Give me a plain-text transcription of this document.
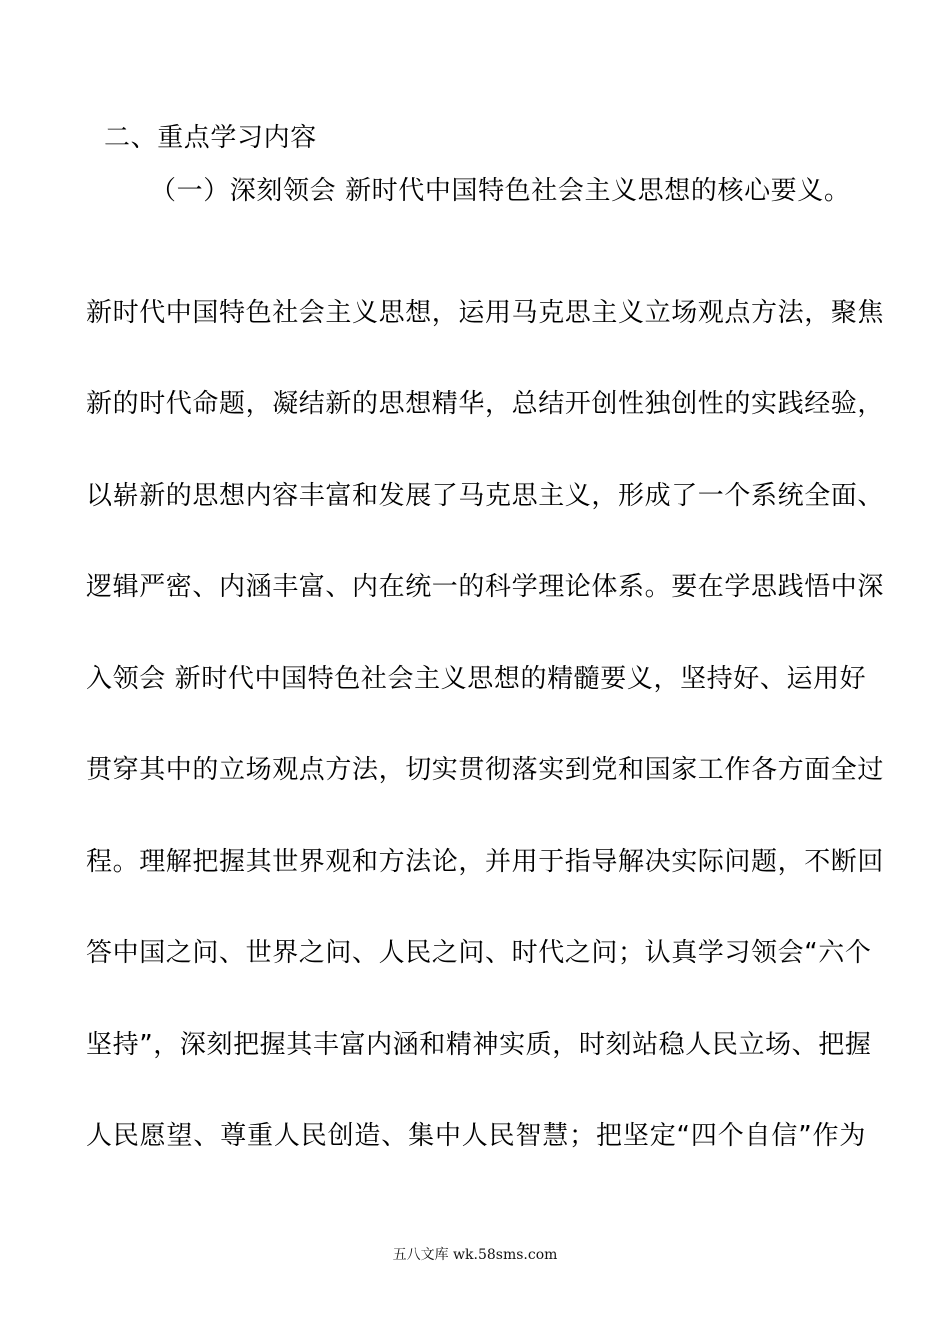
二、重点学习内容
（一）深刻领会 新时代中国特色社会主义思想的核心要义。
新时代中国特色社会主义思想，运用马克思主义立场观点方法，聚焦
新的时代命题，凝结新的思想精华，总结开创性独创性的实践经验，
以崭新的思想内容丰富和发展了马克思主义，形成了一个系统全面、
逻辑严密、内涵丰富、内在统一的科学理论体系。要在学思践悟中深
入领会 新时代中国特色社会主义思想的精髓要义，坚持好、运用好
贯穿其中的立场观点方法，切实贯彻落实到党和国家工作各方面全过
程。理解把握其世界观和方法论，并用于指导解决实际问题，不断回
答中国之问、世界之问、人民之问、时代之问；认真学习领会“六个
坚持”，深刻把握其丰富内涵和精神实质，时刻站稳人民立场、把握
人民愿望、尊重人民创造、集中人民智慧；把坚定“四个自信”作为
五八文库 wk.58sms.com
